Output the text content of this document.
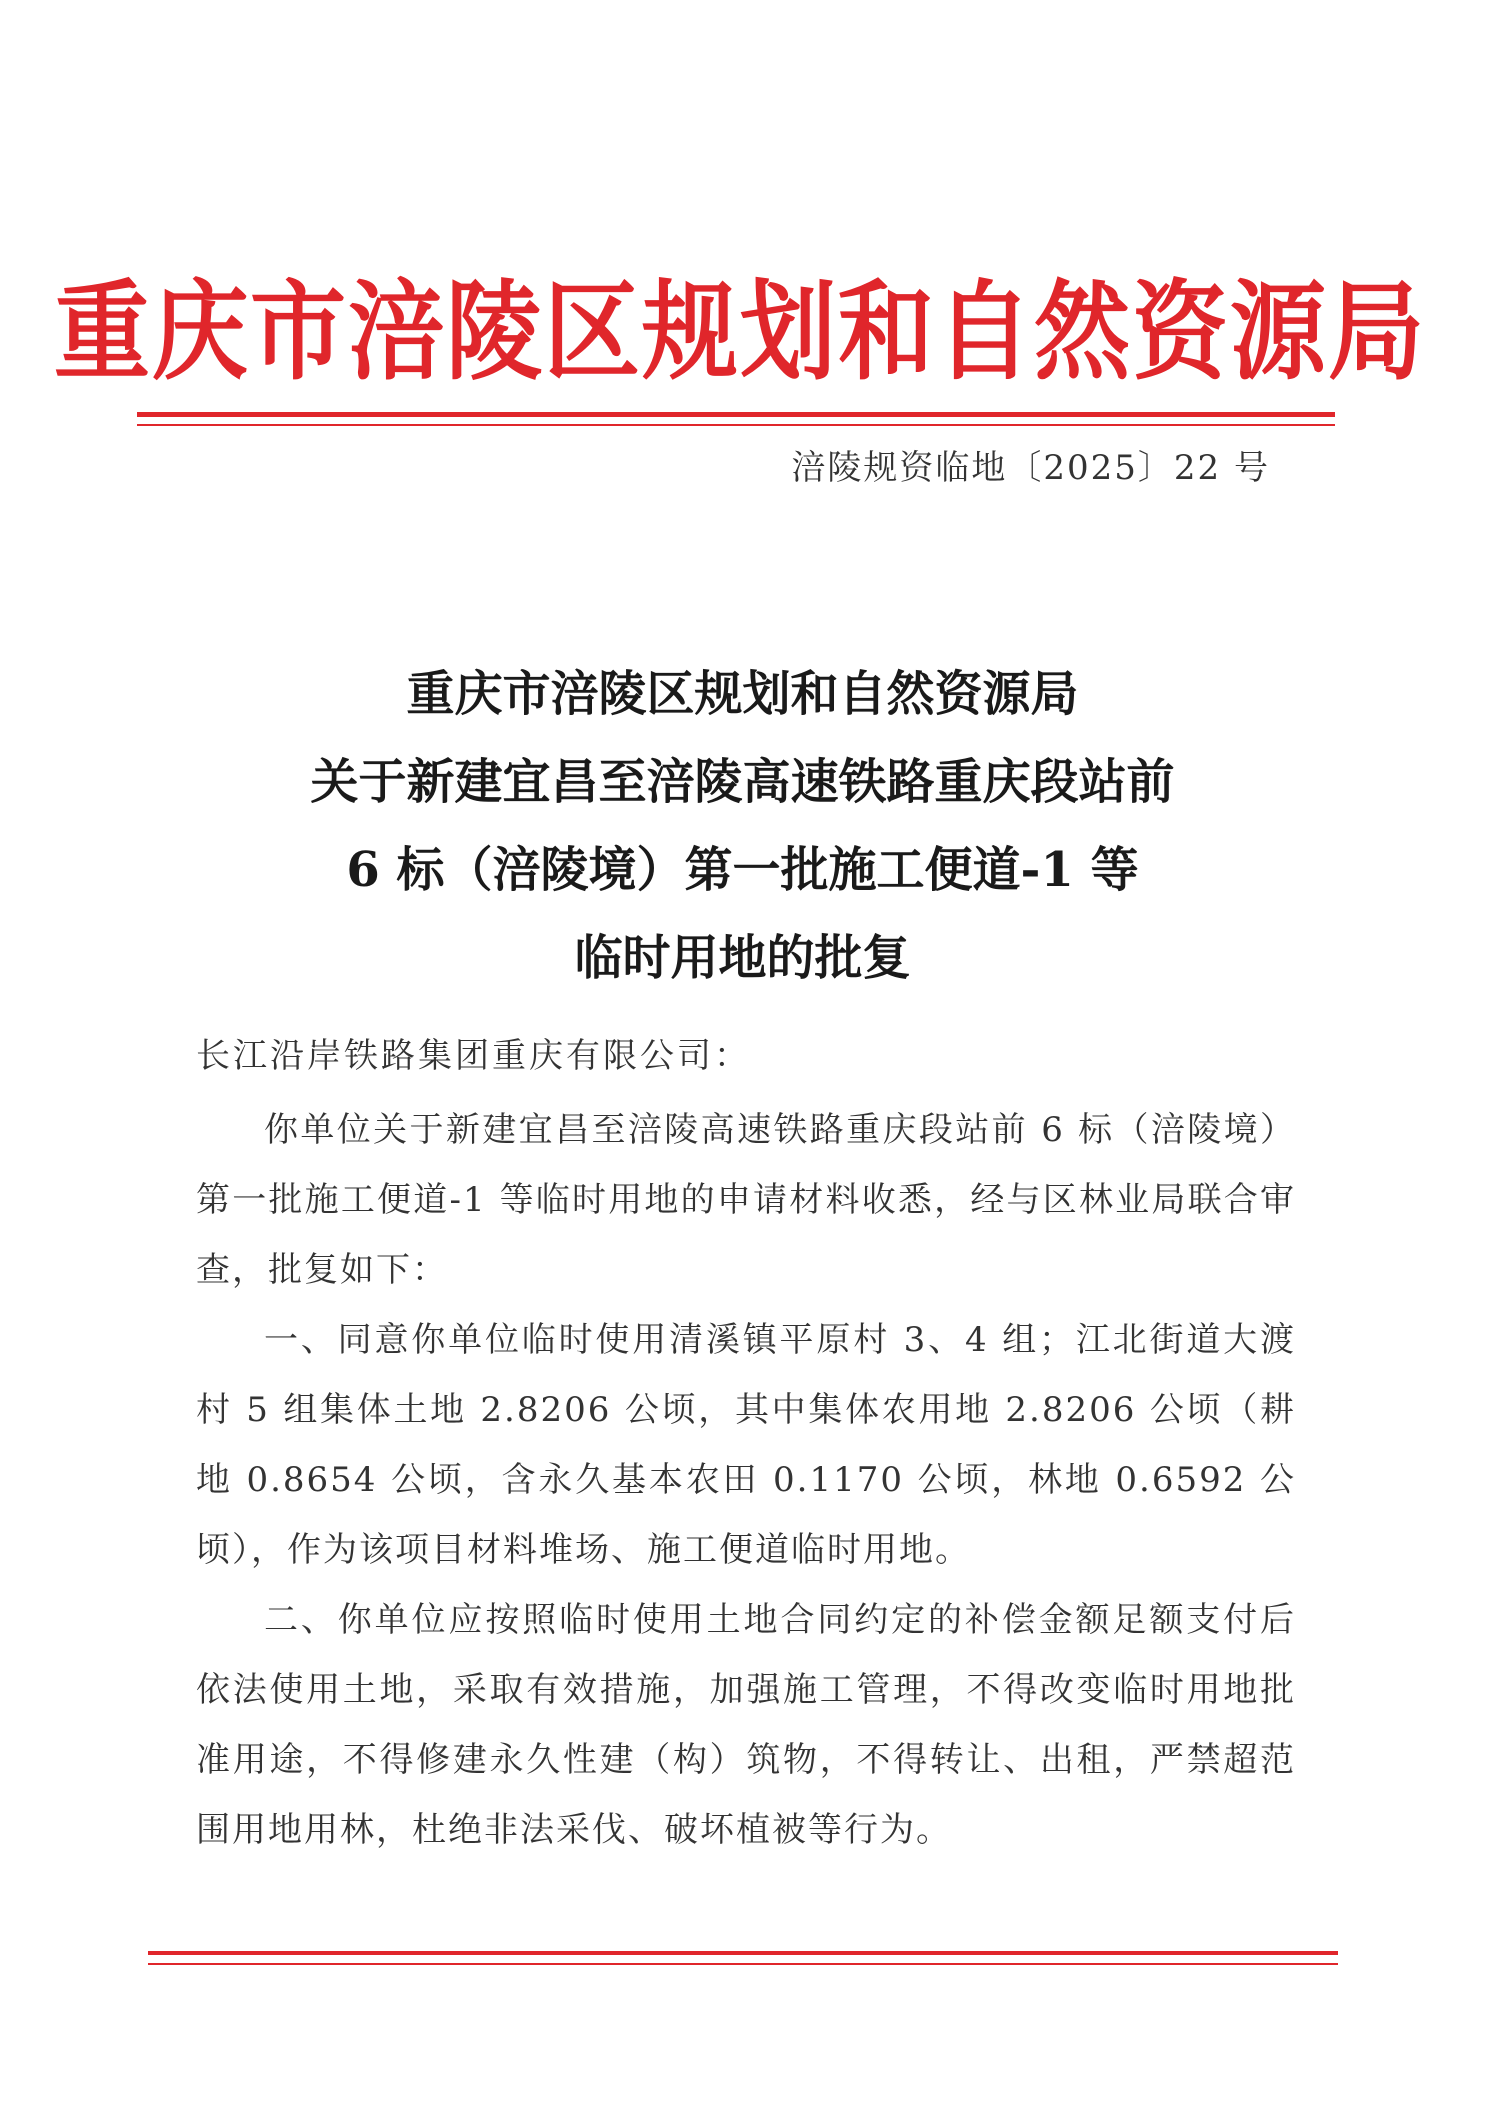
重庆市涪陵区规划和自然资源局
涪陵规资临地〔2025〕22 号
重庆市涪陵区规划和自然资源局
关于新建宜昌至涪陵高速铁路重庆段站前
6 标（涪陵境）第一批施工便道-1 等
临时用地的批复
长江沿岸铁路集团重庆有限公司：

你单位关于新建宜昌至涪陵高速铁路重庆段站前 6 标（涪陵境）第一批施工便道-1 等临时用地的申请材料收悉，经与区林业局联合审查，批复如下：

一、同意你单位临时使用清溪镇平原村 3、4 组；江北街道大渡村 5 组集体土地 2.8206 公顷，其中集体农用地 2.8206 公顷（耕地 0.8654 公顷，含永久基本农田 0.1170 公顷，林地 0.6592 公顷），作为该项目材料堆场、施工便道临时用地。

二、你单位应按照临时使用土地合同约定的补偿金额足额支付后依法使用土地，采取有效措施，加强施工管理，不得改变临时用地批准用途，不得修建永久性建（构）筑物，不得转让、出租，严禁超范围用地用林，杜绝非法采伐、破坏植被等行为。
